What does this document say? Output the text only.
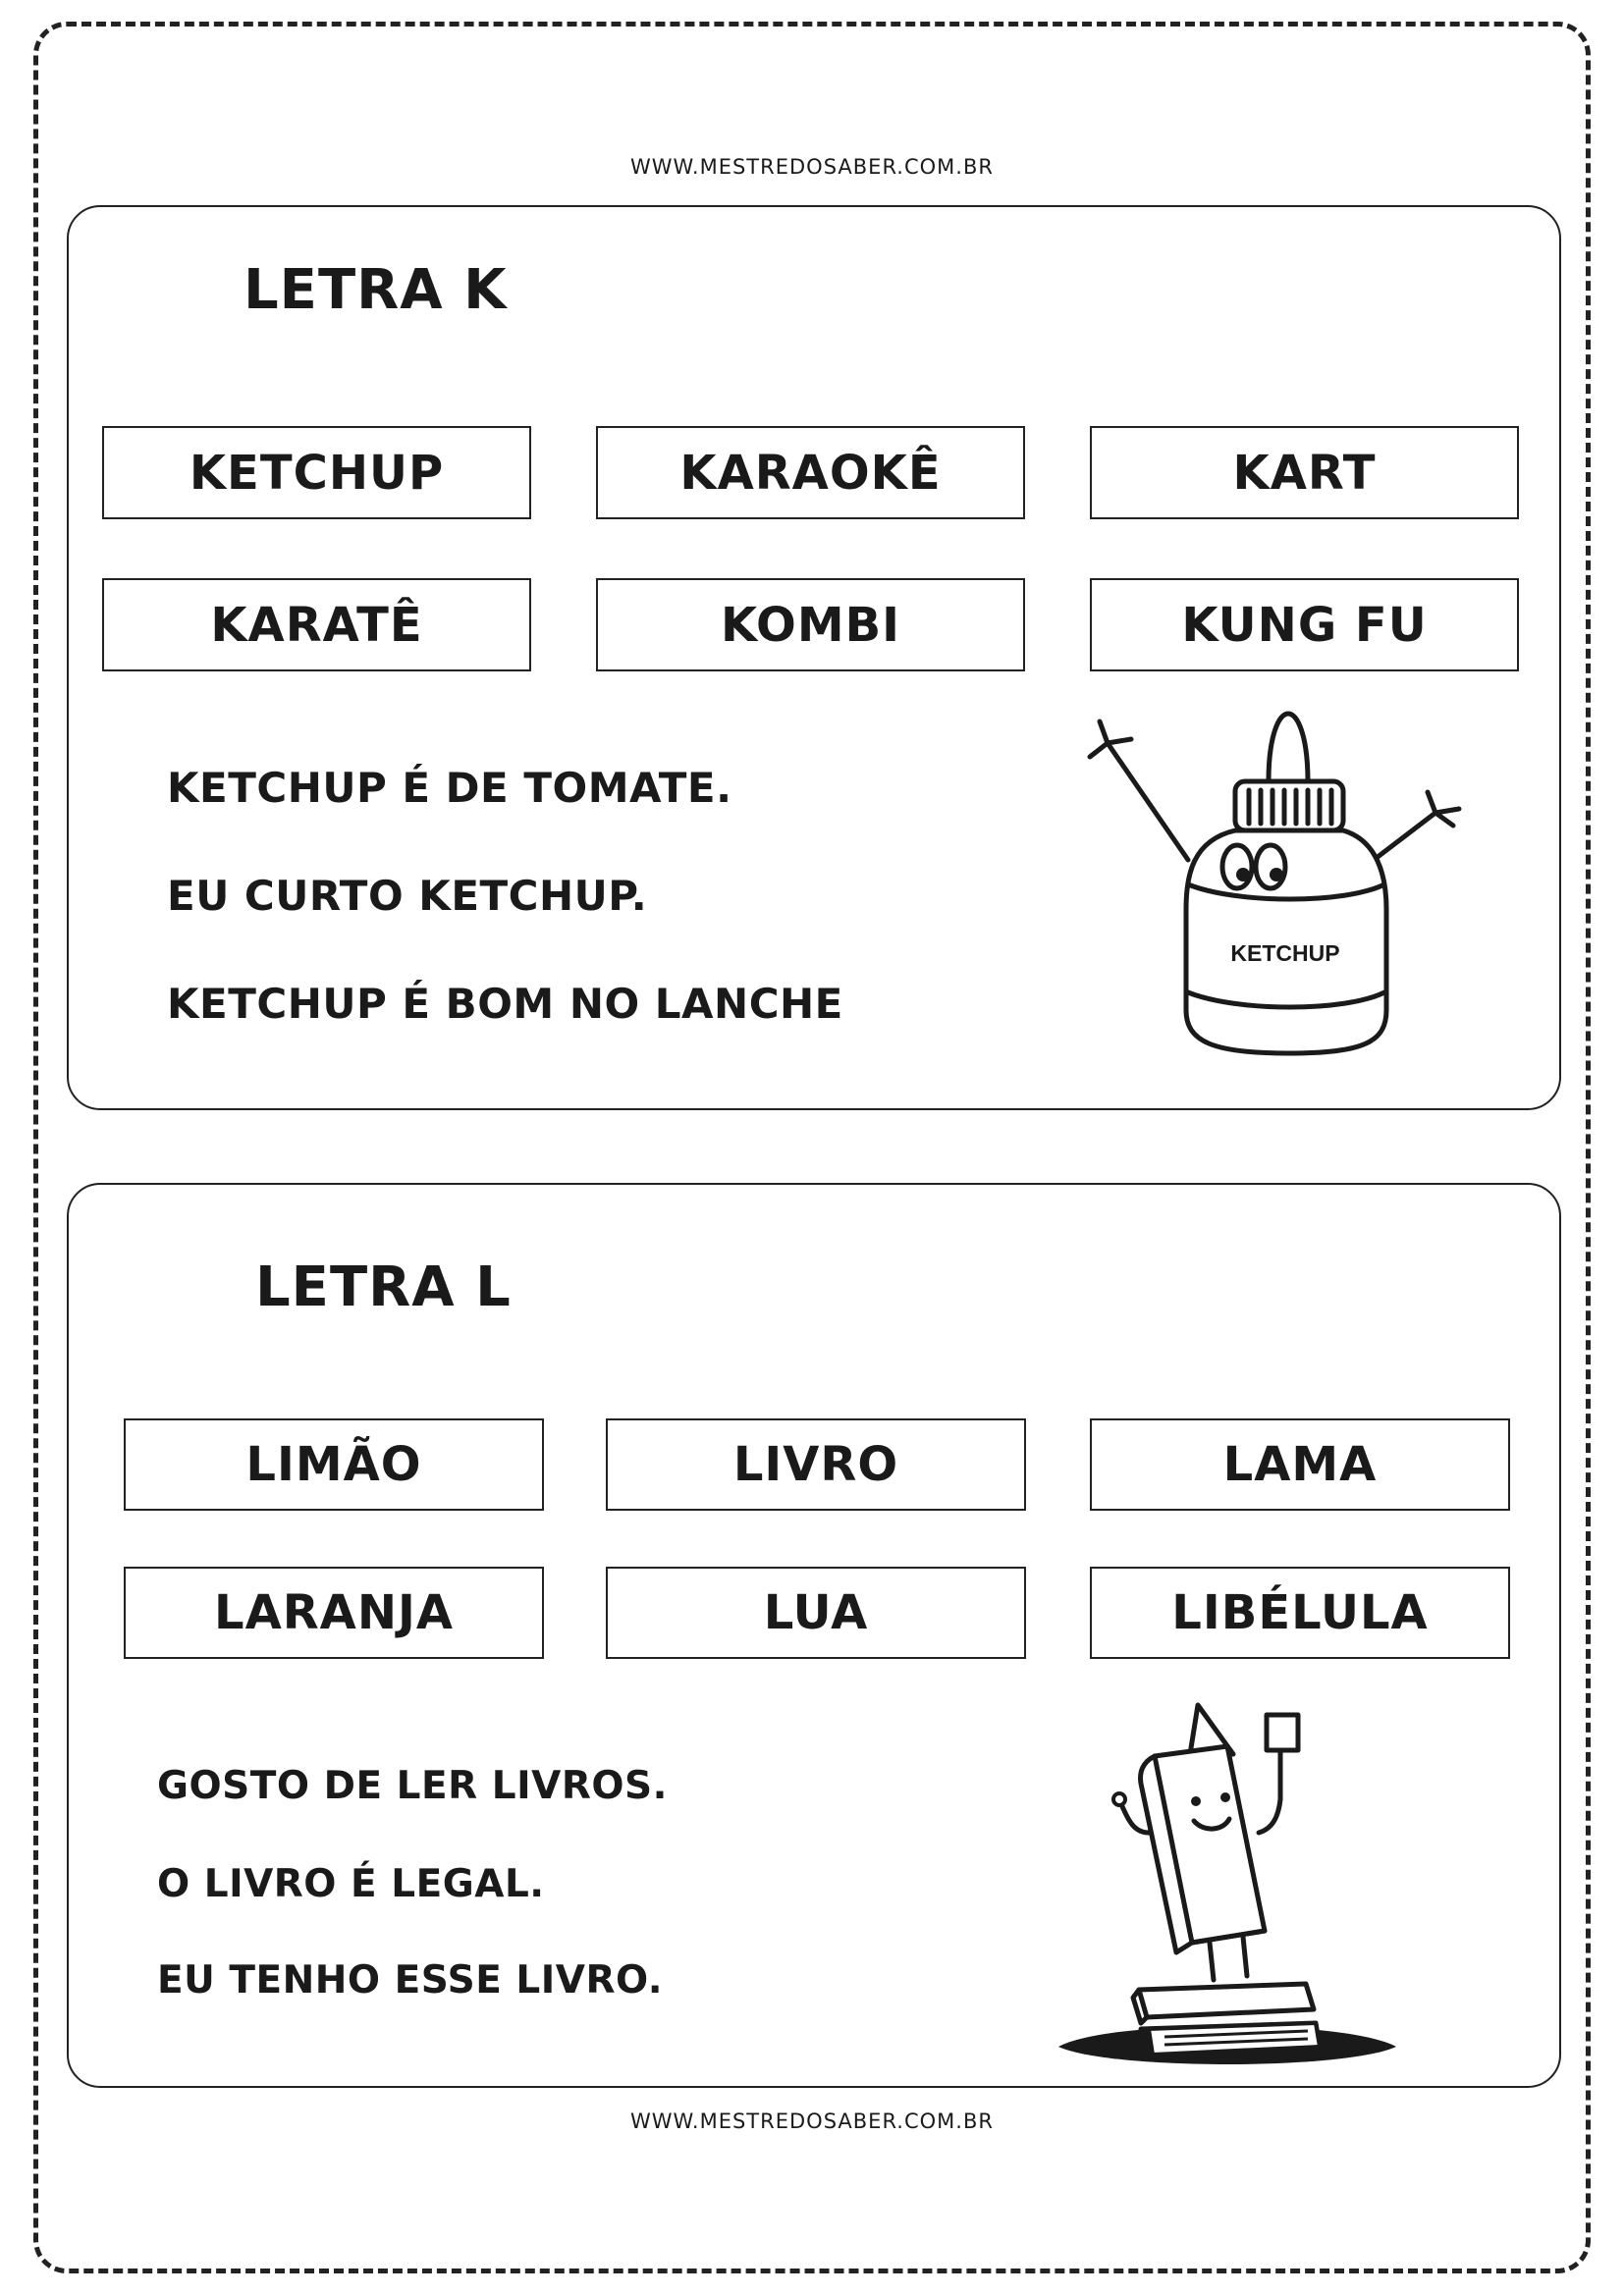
WWW.MESTREDOSABER.COM.BR
LETRA K
KETCHUP	KARAOKÊ	KART
KARATÊ	KOMBI	KUNG FU
KETCHUP É DE TOMATE.
EU CURTO KETCHUP.
KETCHUP É BOM NO LANCHE
KETCHUP
LETRA L
LIMÃO	LIVRO	LAMA
LARANJA	LUA	LIBÉLULA
GOSTO DE LER LIVROS.
O LIVRO É LEGAL.
EU TENHO ESSE LIVRO.
WWW.MESTREDOSABER.COM.BR
